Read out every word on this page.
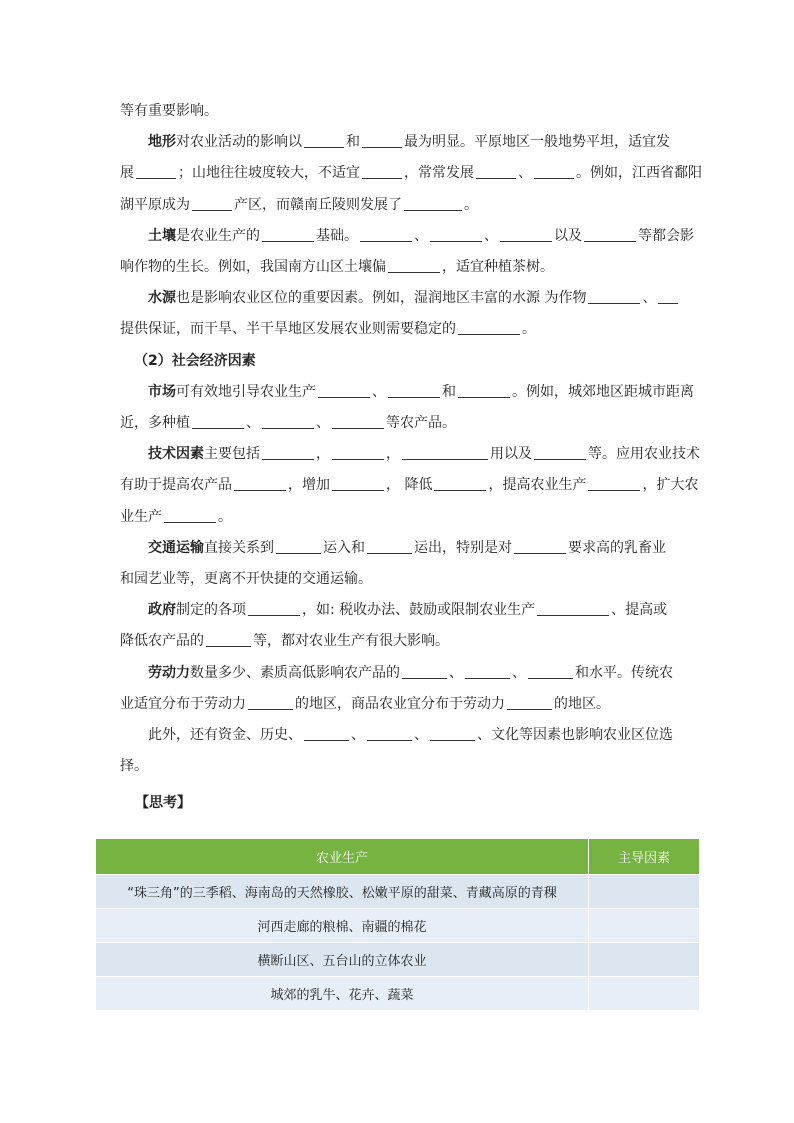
等有重要影响。

地形对农业活动的影响以	和	最为明显。平原地区一般地势平坦，适宜发

展	；山地往往坡度较大，不适宜	，常常发展	、	。例如，江西省鄱阳

湖平原成为	产区，而赣南丘陵则发展了	。

土壤是农业生产的	基础。	、	、	以及	等都会影

响作物的生长。例如，我国南方山区土壤偏	，适宜种植茶树。

水源也是影响农业区位的重要因素。例如，湿润地区丰富的水源 为作物	、

提供保证，而干旱、半干旱地区发展农业则需要稳定的	。

（2）社会经济因素

市场可有效地引导农业生产	、	和	。例如，城郊地区距城市距离

近，多种植	、	、	等农产品。

技术因素主要包括	，	，	用以及	等。应用农业技术

有助于提高农产品	，增加	， 降低	，提高农业生产	，扩大农

业生产	。

交通运输直接关系到	运入和	运出，特别是对	要求高的乳畜业

和园艺业等，更离不开快捷的交通运输。

政府制定的各项	，如: 税收办法、鼓励或限制农业生产	、提高或

降低农产品的	等，都对农业生产有很大影响。

劳动力数量多少、素质高低影响农产品的	、	、	和水平。传统农

业适宜分布于劳动力	的地区，商品农业宜分布于劳动力	的地区。

此外，还有资金、历史、	、	、	、文化等因素也影响农业区位选

择。

【思考】
农业生产	主导因素
“珠三角”的三季稻、海南岛的天然橡胶、松嫩平原的甜菜、青藏高原的青稞	
河西走廊的粮棉、南疆的棉花	
横断山区、五台山的立体农业	
城郊的乳牛、花卉、蔬菜	
